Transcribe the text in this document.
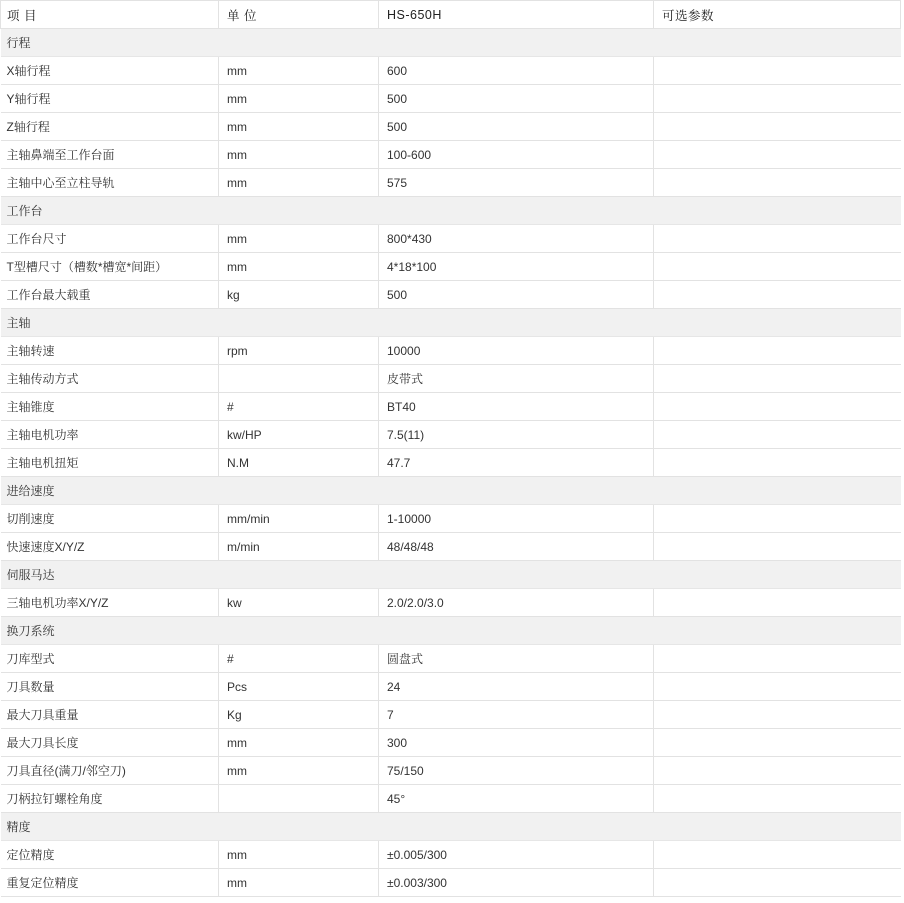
项 目	单 位	HS-650H	可选参数
行程			
X轴行程	mm	600	
Y轴行程	mm	500	
Z轴行程	mm	500	
主轴鼻端至工作台面	mm	100-600	
主轴中心至立柱导轨	mm	575	
工作台			
工作台尺寸	mm	800*430	
T型槽尺寸（槽数*槽宽*间距）	mm	4*18*100	
工作台最大载重	kg	500	
主轴			
主轴转速	rpm	10000	
主轴传动方式		皮带式	
主轴锥度	#	BT40	
主轴电机功率	kw/HP	7.5(11)	
主轴电机扭矩	N.M	47.7	
进给速度			
切削速度	mm/min	1-10000	
快速速度X/Y/Z	m/min	48/48/48	
伺服马达			
三轴电机功率X/Y/Z	kw	2.0/2.0/3.0	
换刀系统			
刀库型式	#	圆盘式	
刀具数量	Pcs	24	
最大刀具重量	Kg	7	
最大刀具长度	mm	300	
刀具直径(满刀/邻空刀)	mm	75/150	
刀柄拉钉螺栓角度		45°	
精度			
定位精度	mm	±0.005/300	
重复定位精度	mm	±0.003/300	
